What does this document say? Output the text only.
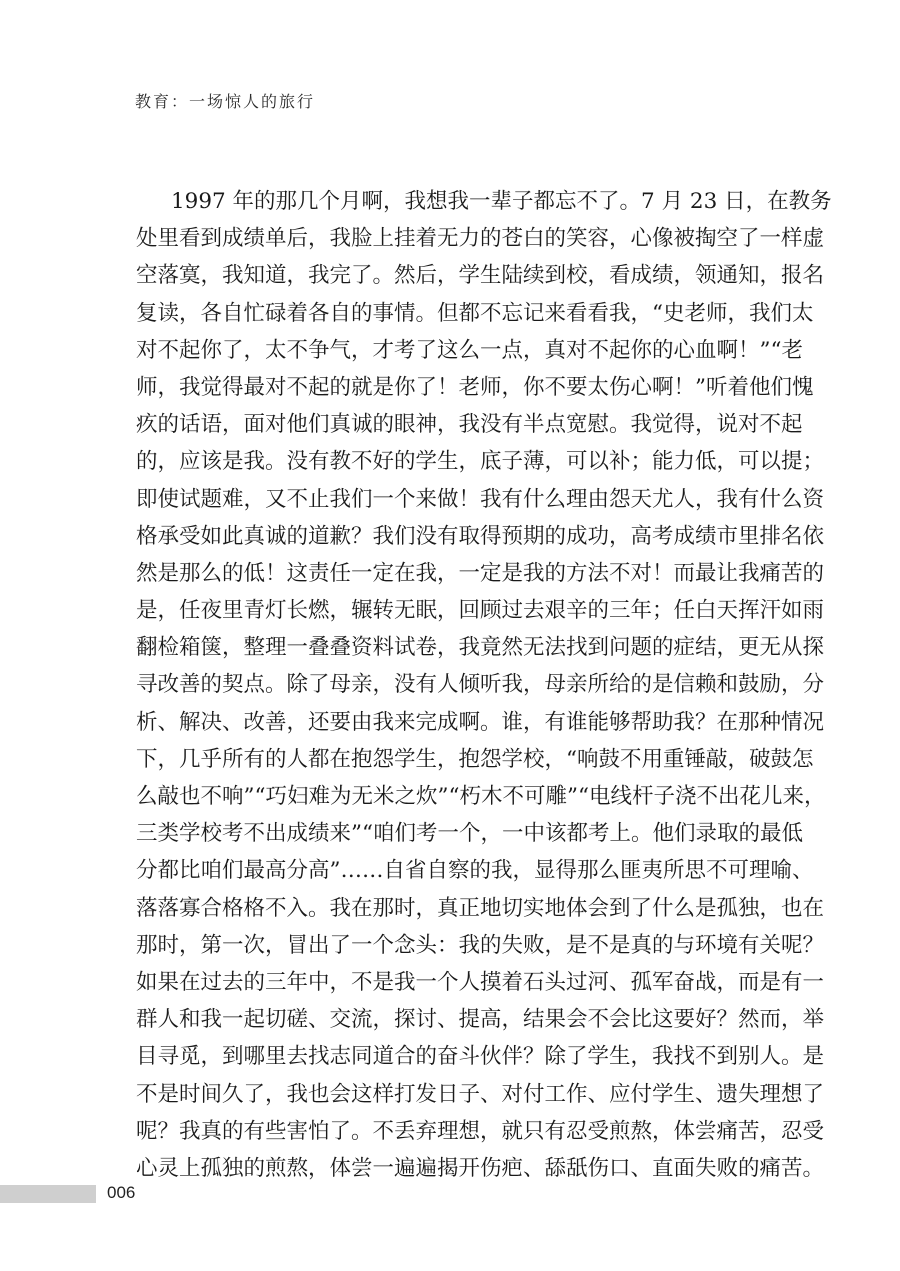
教育：一场惊人的旅行
1997 年的那几个月啊，我想我一辈子都忘不了。7 月 23 日，在教务
处里看到成绩单后，我脸上挂着无力的苍白的笑容，心像被掏空了一样虚
空落寞，我知道，我完了。然后，学生陆续到校，看成绩，领通知，报名
复读，各自忙碌着各自的事情。但都不忘记来看看我，“史老师，我们太
对不起你了，太不争气，才考了这么一点，真对不起你的心血啊！”“老
师，我觉得最对不起的就是你了！老师，你不要太伤心啊！”听着他们愧
疚的话语，面对他们真诚的眼神，我没有半点宽慰。我觉得，说对不起
的，应该是我。没有教不好的学生，底子薄，可以补；能力低，可以提；
即使试题难，又不止我们一个来做！我有什么理由怨天尤人，我有什么资
格承受如此真诚的道歉？我们没有取得预期的成功，高考成绩市里排名依
然是那么的低！这责任一定在我，一定是我的方法不对！而最让我痛苦的
是，任夜里青灯长燃，辗转无眠，回顾过去艰辛的三年；任白天挥汗如雨
翻检箱箧，整理一叠叠资料试卷，我竟然无法找到问题的症结，更无从探
寻改善的契点。除了母亲，没有人倾听我，母亲所给的是信赖和鼓励，分
析、解决、改善，还要由我来完成啊。谁，有谁能够帮助我？在那种情况
下，几乎所有的人都在抱怨学生，抱怨学校，“响鼓不用重锤敲，破鼓怎
么敲也不响”“巧妇难为无米之炊”“朽木不可雕”“电线杆子浇不出花儿来，
三类学校考不出成绩来”“咱们考一个，一中该都考上。他们录取的最低
分都比咱们最高分高”……自省自察的我，显得那么匪夷所思不可理喻、
落落寡合格格不入。我在那时，真正地切实地体会到了什么是孤独，也在
那时，第一次，冒出了一个念头：我的失败，是不是真的与环境有关呢？
如果在过去的三年中，不是我一个人摸着石头过河、孤军奋战，而是有一
群人和我一起切磋、交流，探讨、提高，结果会不会比这要好？然而，举
目寻觅，到哪里去找志同道合的奋斗伙伴？除了学生，我找不到别人。是
不是时间久了，我也会这样打发日子、对付工作、应付学生、遗失理想了
呢？我真的有些害怕了。不丢弃理想，就只有忍受煎熬，体尝痛苦，忍受
心灵上孤独的煎熬，体尝一遍遍揭开伤疤、舔舐伤口、直面失败的痛苦。
006
